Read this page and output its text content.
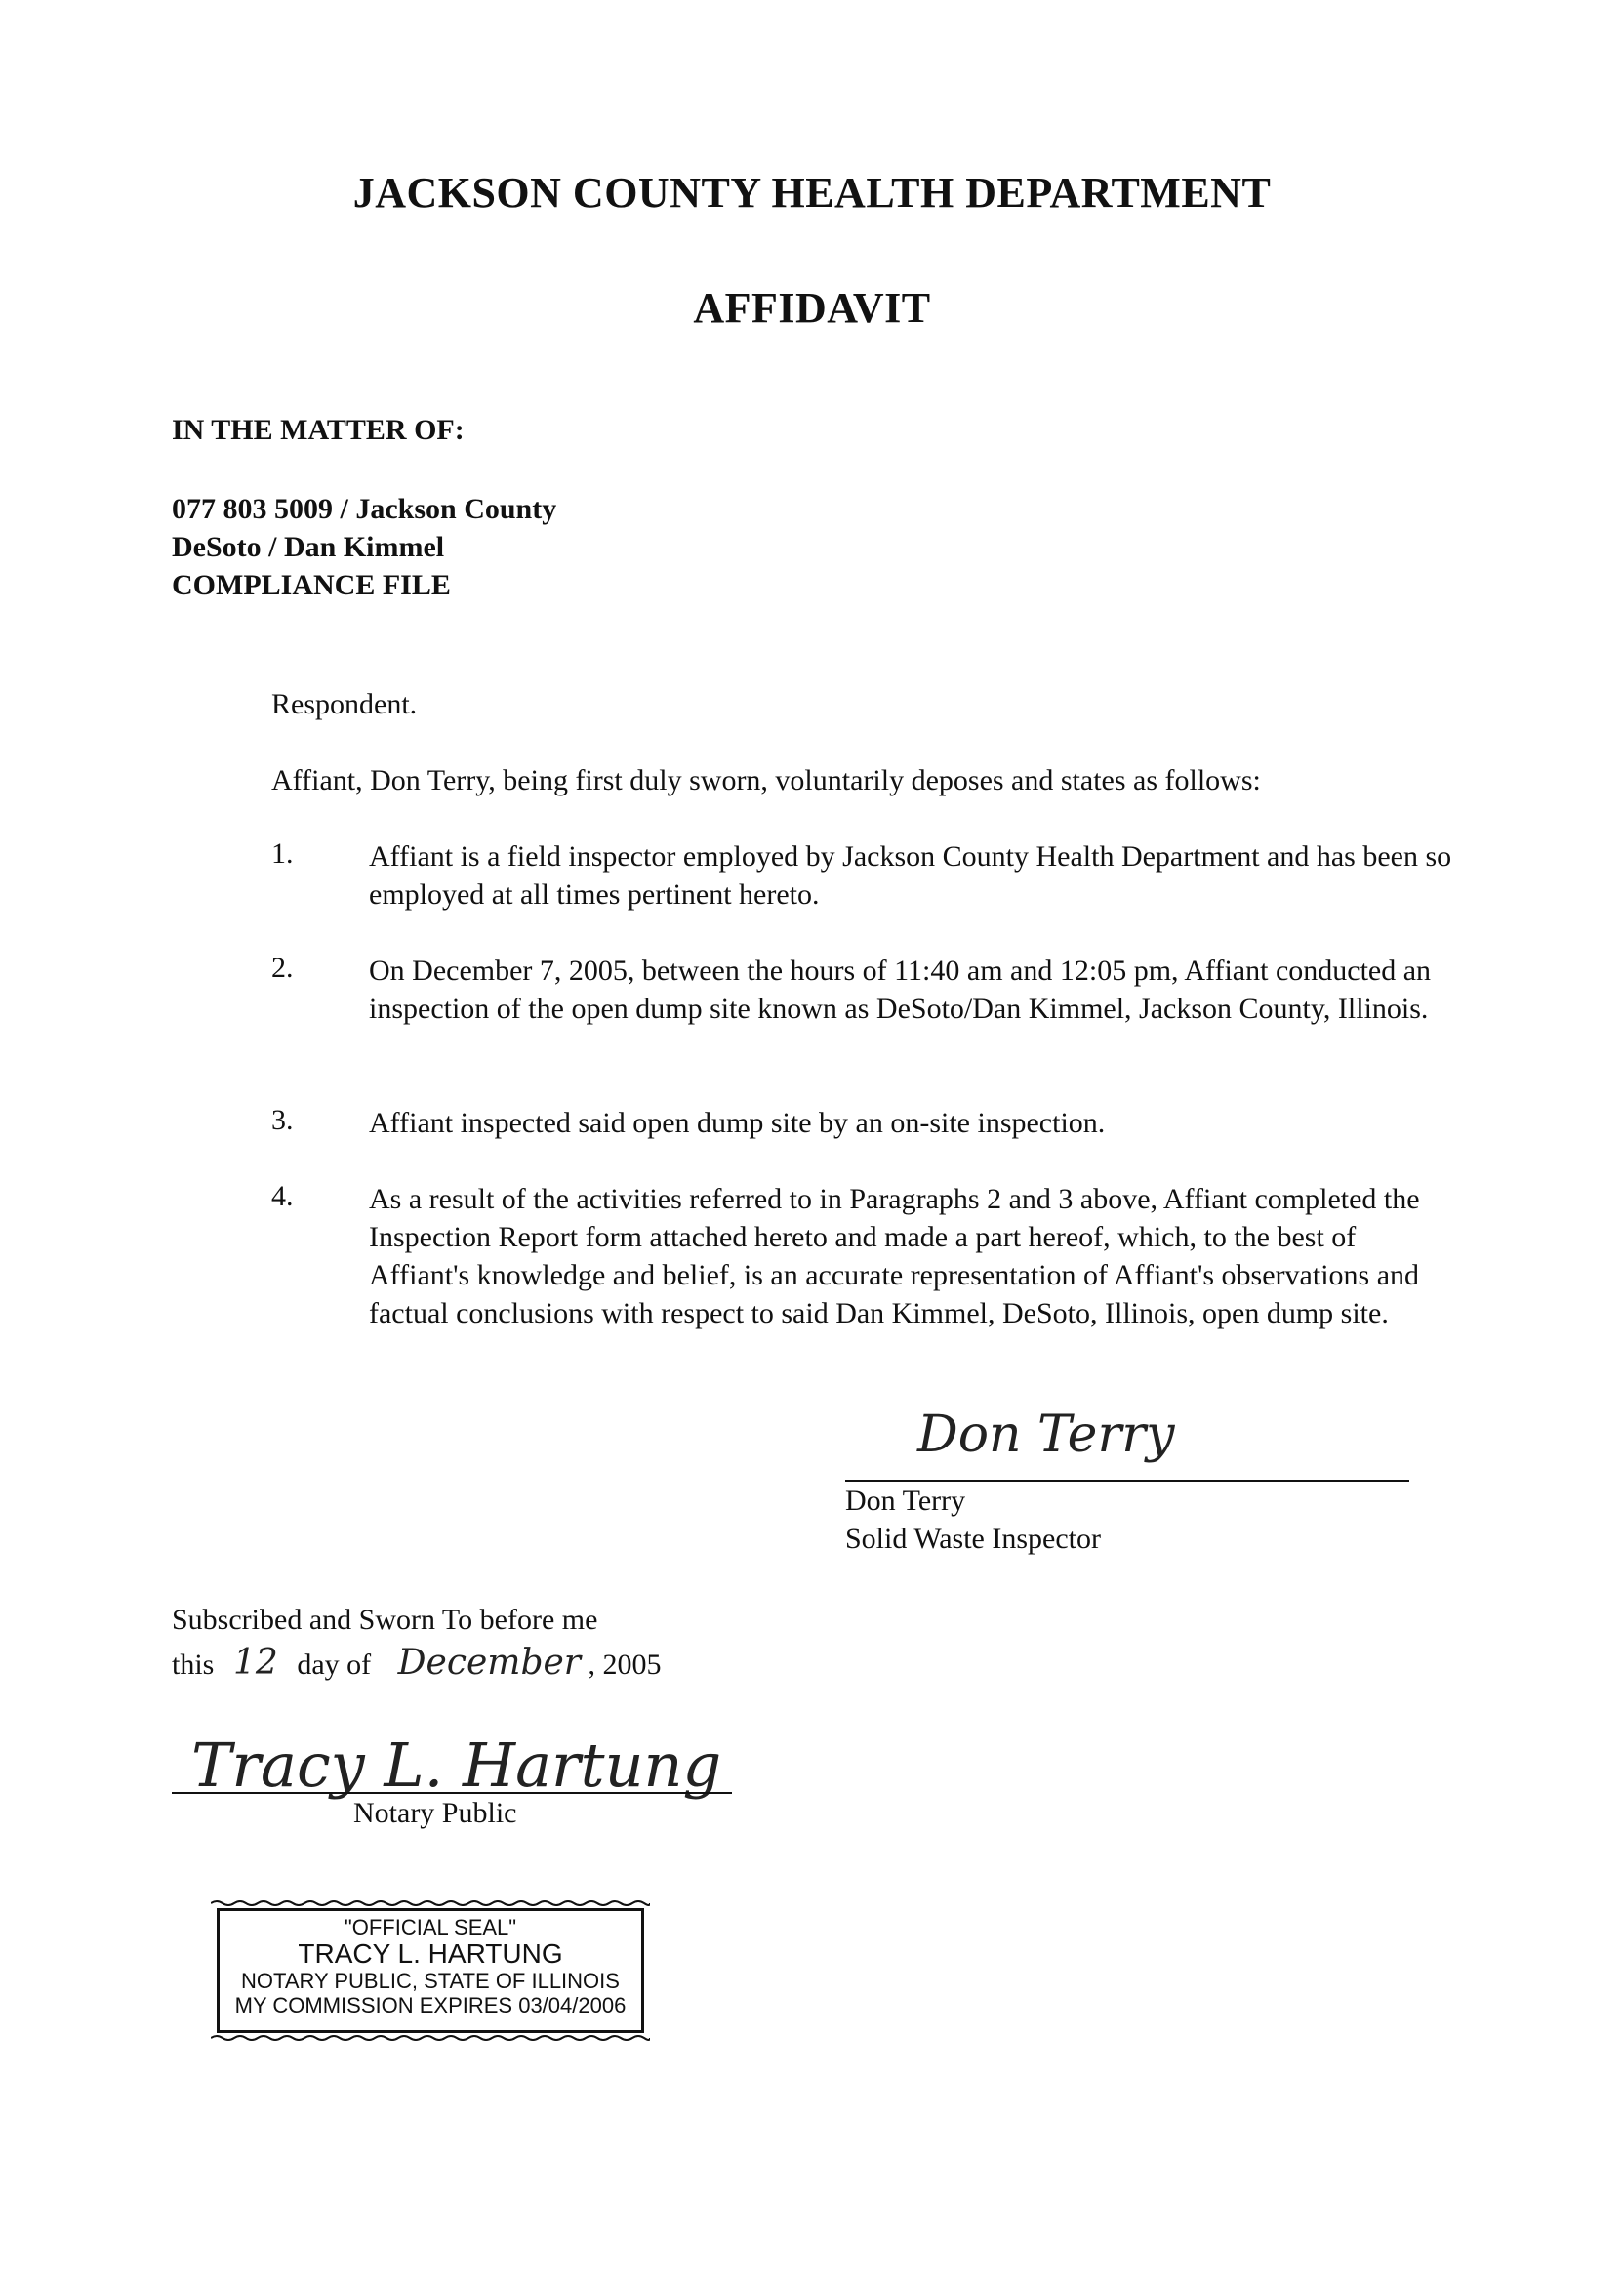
JACKSON COUNTY HEALTH DEPARTMENT
AFFIDAVIT
IN THE MATTER OF:
077 803 5009 / Jackson County
DeSoto / Dan Kimmel
COMPLIANCE FILE
Respondent.
Affiant, Don Terry, being first duly sworn, voluntarily deposes and states as follows:
1.	Affiant is a field inspector employed by Jackson County Health Department and has been so employed at all times pertinent hereto.
2.	On December 7, 2005, between the hours of 11:40 am and 12:05 pm, Affiant conducted an inspection of the open dump site known as DeSoto/Dan Kimmel, Jackson County, Illinois.
3.	Affiant inspected said open dump site by an on-site inspection.
4.	As a result of the activities referred to in Paragraphs 2 and 3 above, Affiant completed the Inspection Report form attached hereto and made a part hereof, which, to the best of Affiant's knowledge and belief, is an accurate representation of Affiant's observations and factual conclusions with respect to said Dan Kimmel, DeSoto, Illinois, open dump site.
Don Terry
Don Terry
Solid Waste Inspector
Subscribed and Sworn To before me
this 12 day of December , 2005
Tracy L. Hartung
Notary Public
"OFFICIAL SEAL"
TRACY L. HARTUNG
NOTARY PUBLIC, STATE OF ILLINOIS
MY COMMISSION EXPIRES 03/04/2006
